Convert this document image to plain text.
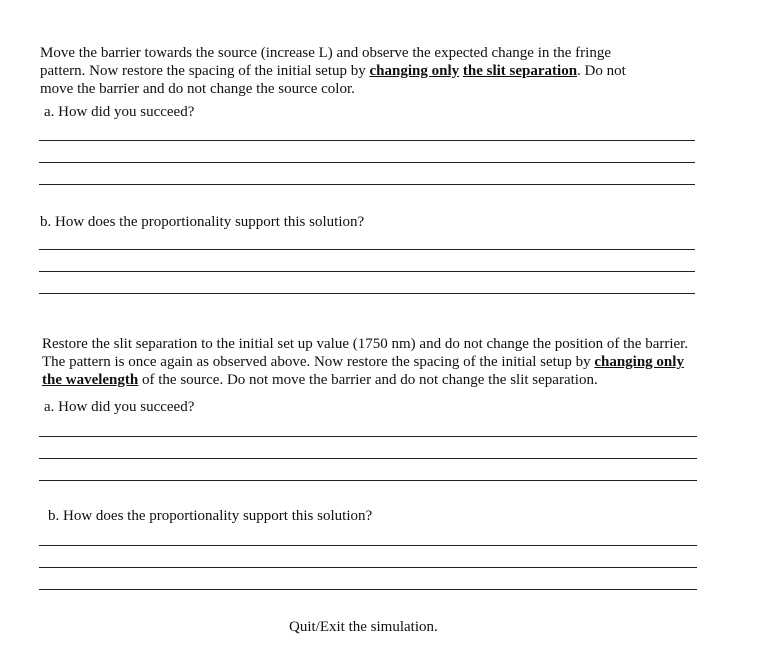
Move the barrier towards the source (increase L) and observe the expected change in the fringe

pattern. Now restore the spacing of the initial setup by changing only the slit separation. Do not

move the barrier and do not change the source color.

a. How did you succeed?

b. How does the proportionality support this solution?

Restore the slit separation to the initial set up value (1750 nm) and do not change the position of the barrier.

The pattern is once again as observed above. Now restore the spacing of the initial setup by changing only

the wavelength of the source. Do not move the barrier and do not change the slit separation.

a. How did you succeed?

b. How does the proportionality support this solution?

Quit/Exit the simulation.
